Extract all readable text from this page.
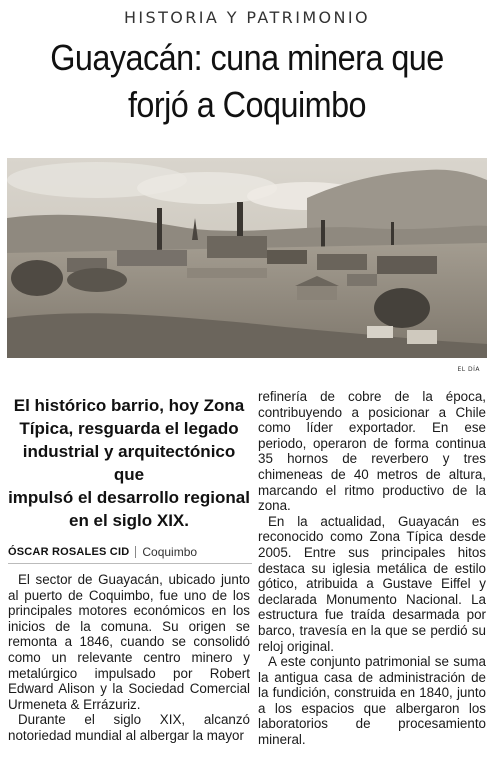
HISTORIA Y PATRIMONIO
Guayacán: cuna minera que
forjó a Coquimbo
EL DÍA

El histórico barrio, hoy Zona
Típica, resguarda el legado
industrial y arquitectónico que
impulsó el desarrollo regional
en el siglo XIX.

ÓSCAR ROSALES CID	Coquimbo

El sector de Guayacán, ubicado junto al puerto de Coquimbo, fue uno de los principales motores económicos en los inicios de la comuna. Su origen se remonta a 1846, cuando se consolidó como un relevante centro minero y metalúrgico impulsado por Robert Edward Alison y la Sociedad Comercial Urmeneta & Errázuriz.

Durante el siglo XIX, alcanzó notoriedad mundial al albergar la mayor

refinería de cobre de la época, contribuyendo a posicionar a Chile como líder exportador. En ese periodo, operaron de forma continua 35 hornos de reverbero y tres chimeneas de 40 metros de altura, marcando el ritmo productivo de la zona.

En la actualidad, Guayacán es reconocido como Zona Típica desde 2005. Entre sus principales hitos destaca su iglesia metálica de estilo gótico, atribuida a Gustave Eiffel y declarada Monumento Nacional. La estructura fue traída desarmada por barco, travesía en la que se perdió su reloj original.

A este conjunto patrimonial se suma la antigua casa de administración de la fundición, construida en 1840, junto a los espacios que albergaron los laboratorios de procesamiento mineral.
